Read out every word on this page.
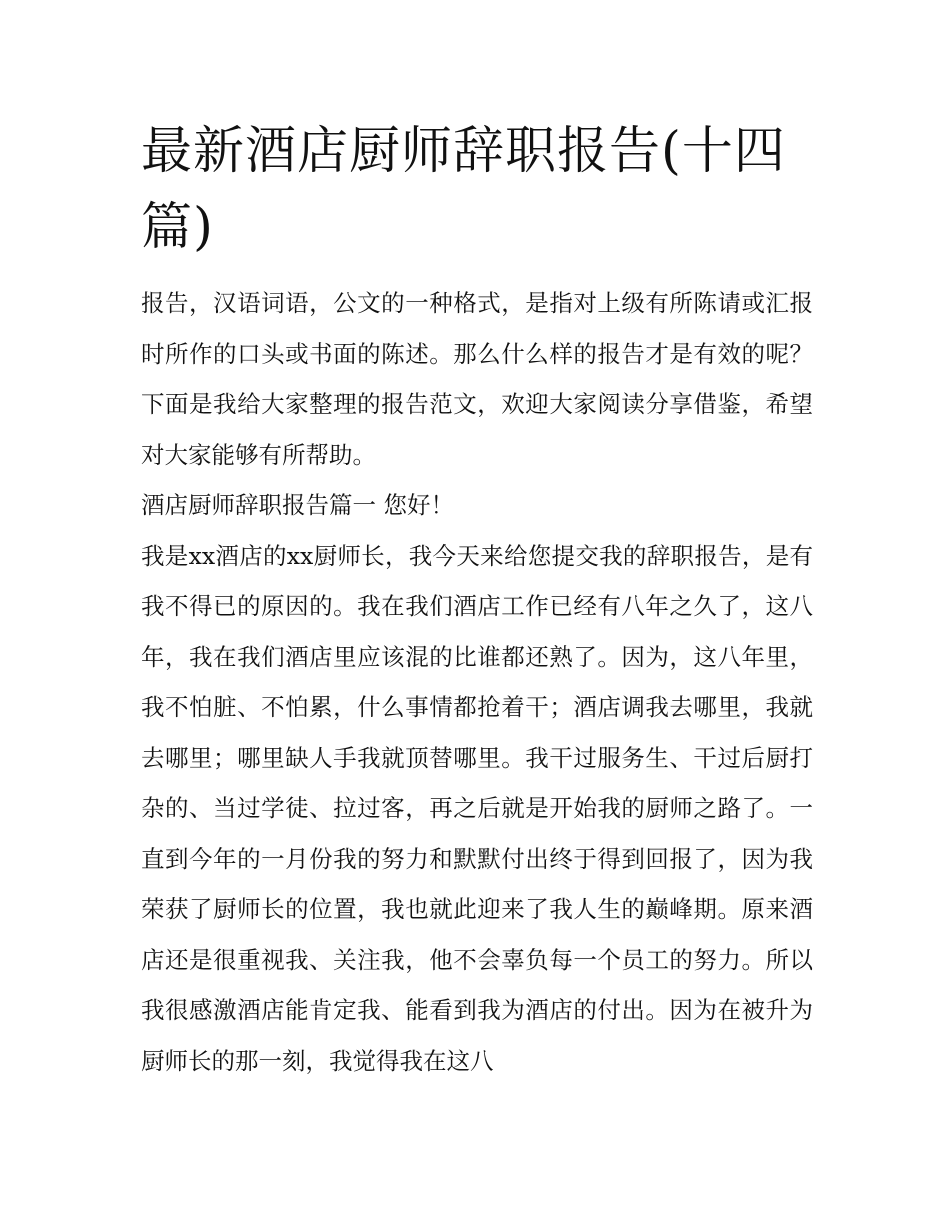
最新酒店厨师辞职报告(十四篇)

报告，汉语词语，公文的一种格式，是指对上级有所陈请或汇报时所作的口头或书面的陈述。那么什么样的报告才是有效的呢？下面是我给大家整理的报告范文，欢迎大家阅读分享借鉴，希望对大家能够有所帮助。

酒店厨师辞职报告篇一 您好！

我是xx酒店的xx厨师长，我今天来给您提交我的辞职报告，是有我不得已的原因的。我在我们酒店工作已经有八年之久了，这八年，我在我们酒店里应该混的比谁都还熟了。因为，这八年里，我不怕脏、不怕累，什么事情都抢着干；酒店调我去哪里，我就去哪里；哪里缺人手我就顶替哪里。我干过服务生、干过后厨打杂的、当过学徒、拉过客，再之后就是开始我的厨师之路了。一直到今年的一月份我的努力和默默付出终于得到回报了，因为我荣获了厨师长的位置，我也就此迎来了我人生的巅峰期。原来酒店还是很重视我、关注我，他不会辜负每一个员工的努力。所以我很感激酒店能肯定我、能看到我为酒店的付出。因为在被升为厨师长的那一刻，我觉得我在这八
